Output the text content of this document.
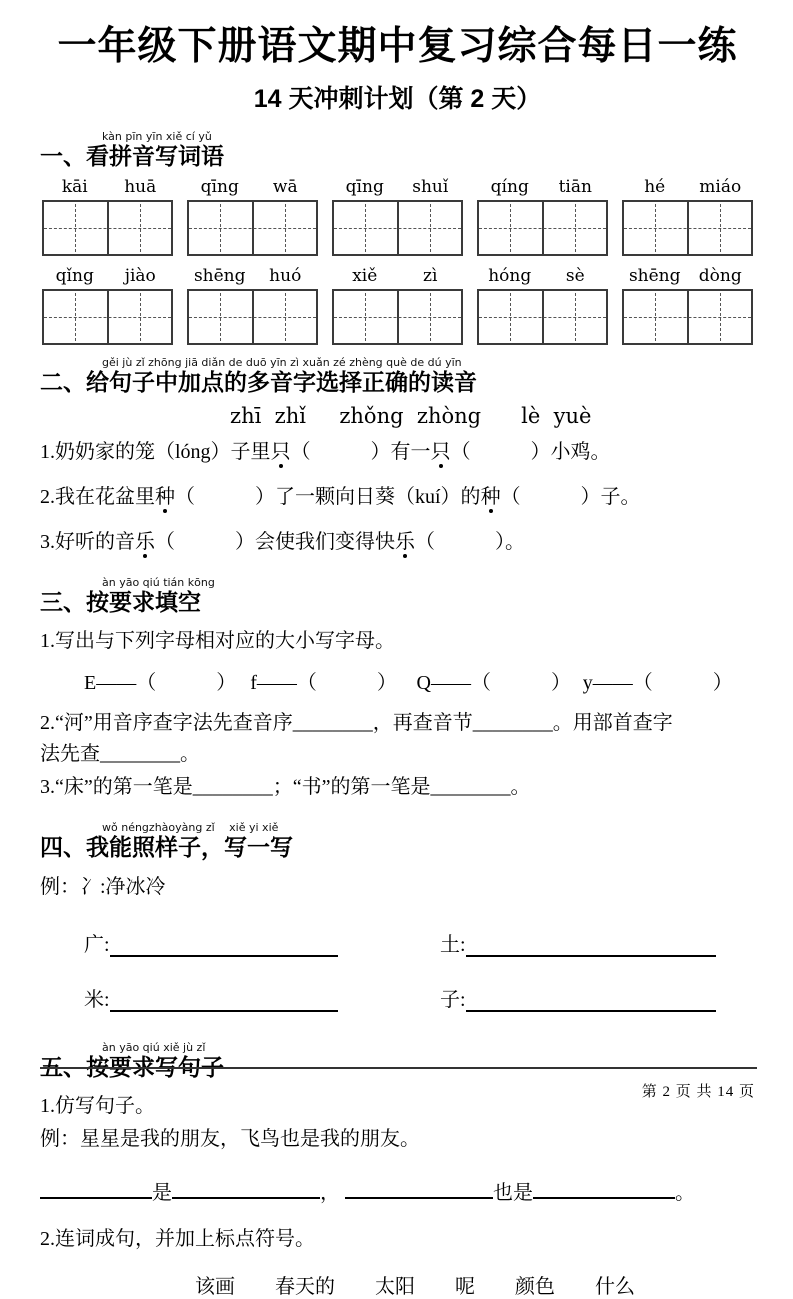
一年级下册语文期中复习综合每日一练
14 天冲刺计划（第 2 天）
kàn pīn yīn xiě cí yǔ
一、看拼音写词语
kāi	huā	qīng	wā	qīng	shuǐ	qíng	tiān	hé	miáo
qǐng	jiào	shēng	huó	xiě	zì	hóng	sè	shēng	dòng
gěi jù zǐ zhōng jiā diǎn de duō yīn zì xuǎn zé zhèng què de dú yīn
二、给句子中加点的多音字选择正确的读音
zhī  zhǐ     zhǒng  zhòng      lè  yuè
1.奶奶家的笼（lóng）子里只（　　　）有一只（　　　）小鸡。
2.我在花盆里种（　　　）了一颗向日葵（kuí）的种（　　　）子。
3.好听的音乐（　　　）会使我们变得快乐（　　　）。
àn yāo qiú tián kōng
三、按要求填空
1.写出与下列字母相对应的大小写字母。
E——（　　　） f——（　　　） Q——（　　　） y——（　　　）
2.“河”用音序查字法先查音序________，再查音节________。用部首查字
法先查________。
3.“床”的第一笔是________；“书”的第一笔是________。
wǒ néngzhàoyàng zǐ　 xiě yi xiě
四、我能照样子，写一写
例：冫:净冰冷
广:	土:
米:	子:
àn yāo qiú xiě jù zǐ
五、按要求写句子
1.仿写句子。
例：星星是我的朋友，飞鸟也是我的朋友。
是	，	也是	。
2.连词成句，并加上标点符号。
该画　　春天的　　太阳　　呢　　颜色　　什么
第 2 页 共 14 页
